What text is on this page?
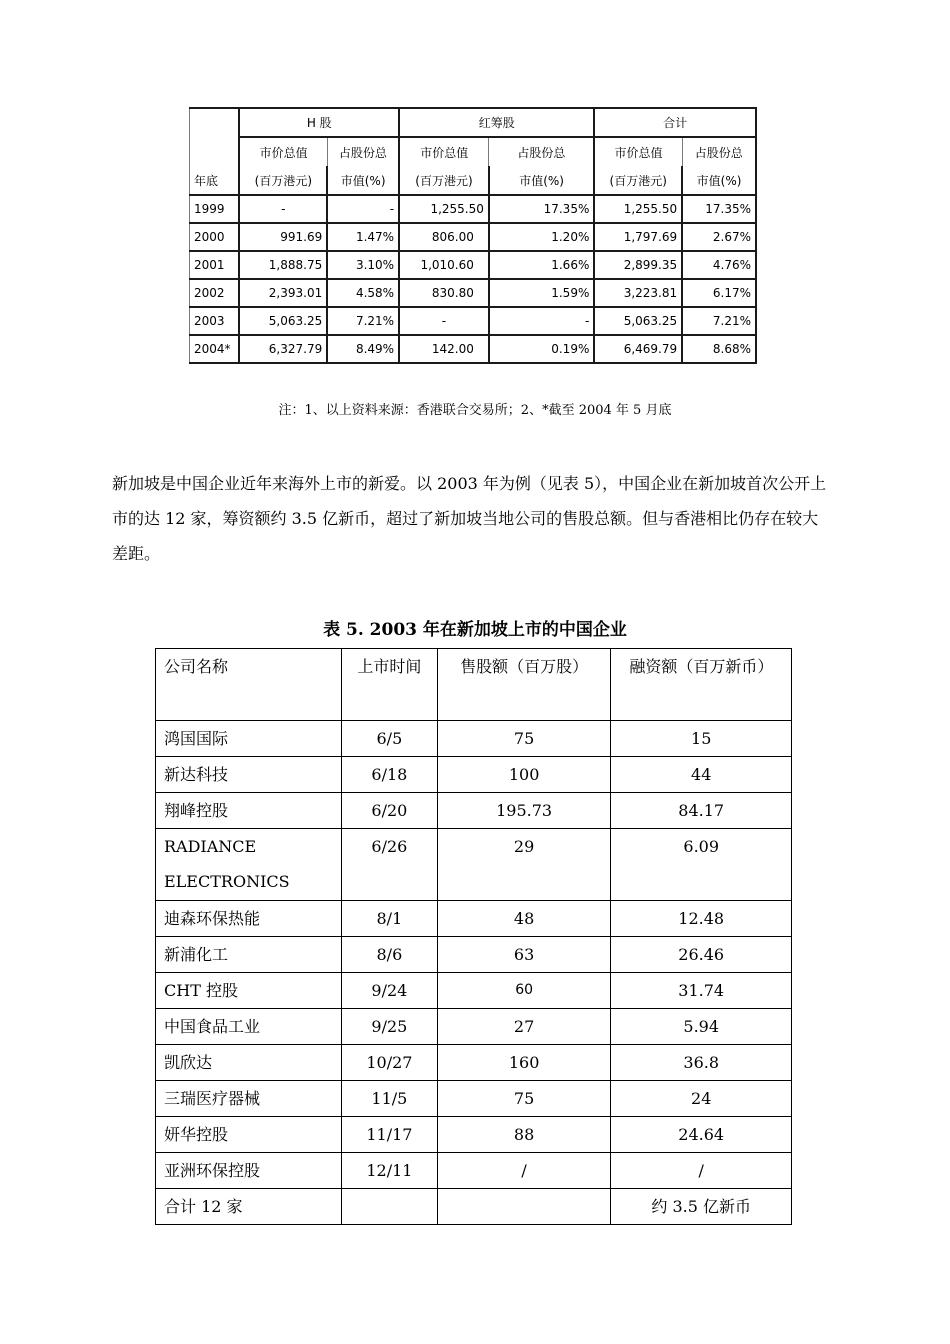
	H 股		红筹股		合计	
	市价总值	占股份总	市价总值	占股份总	市价总值	占股份总
年底	(百万港元)	市值(%)	(百万港元)	市值(%)	(百万港元)	市值(%)
1999	-	-	1,255.50	17.35%	1,255.50	17.35%
2000	991.69	1.47%	806.00	1.20%	1,797.69	2.67%
2001	1,888.75	3.10%	1,010.60	1.66%	2,899.35	4.76%
2002	2,393.01	4.58%	830.80	1.59%	3,223.81	6.17%
2003	5,063.25	7.21%	-	-	5,063.25	7.21%
2004*	6,327.79	8.49%	142.00	0.19%	6,469.79	8.68%
注：1、以上资料来源：香港联合交易所；2、*截至 2004 年 5 月底

新加坡是中国企业近年来海外上市的新爱。以 2003 年为例（见表 5），中国企业在新加坡首次公开上市的达 12 家，筹资额约 3.5 亿新币，超过了新加坡当地公司的售股总额。但与香港相比仍存在较大差距。

表 5. 2003 年在新加坡上市的中国企业
公司名称	上市时间	售股额（百万股）	融资额（百万新币）
鸿国国际	6/5	75	15
新达科技	6/18	100	44
翔峰控股	6/20	195.73	84.17
RADIANCE ELECTRONICS	6/26	29	6.09
迪森环保热能	8/1	48	12.48
新浦化工	8/6	63	26.46
CHT 控股	9/24	60	31.74
中国食品工业	9/25	27	5.94
凯欣达	10/27	160	36.8
三瑞医疗器械	11/5	75	24
妍华控股	11/17	88	24.64
亚洲环保控股	12/11	/	/
合计 12 家			约 3.5 亿新币
